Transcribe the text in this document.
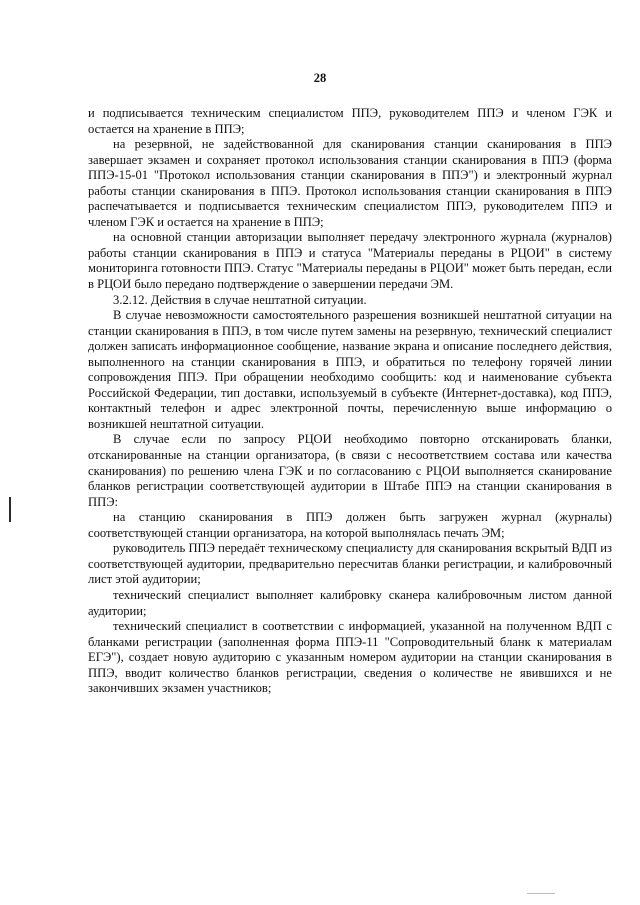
28

и подписывается техническим специалистом ППЭ, руководителем ППЭ и членом ГЭК и остается на хранение в ППЭ;

на резервной, не задействованной для сканирования станции сканирования в ППЭ завершает экзамен и сохраняет протокол использования станции сканирования в ППЭ (форма ППЭ-15-01 "Протокол использования станции сканирования в ППЭ") и электронный журнал работы станции сканирования в ППЭ. Протокол использования станции сканирования в ППЭ распечатывается и подписывается техническим специалистом ППЭ, руководителем ППЭ и членом ГЭК и остается на хранение в ППЭ;

на основной станции авторизации выполняет передачу электронного журнала (журналов) работы станции сканирования в ППЭ и статуса "Материалы переданы в РЦОИ" в систему мониторинга готовности ППЭ. Статус "Материалы переданы в РЦОИ" может быть передан, если в РЦОИ было передано подтверждение о завершении передачи ЭМ.

3.2.12. Действия в случае нештатной ситуации.

В случае невозможности самостоятельного разрешения возникшей нештатной ситуации на станции сканирования в ППЭ, в том числе путем замены на резервную, технический специалист должен записать информационное сообщение, название экрана и описание последнего действия, выполненного на станции сканирования в ППЭ, и обратиться по телефону горячей линии сопровождения ППЭ. При обращении необходимо сообщить: код и наименование субъекта Российской Федерации, тип доставки, используемый в субъекте (Интернет-доставка), код ППЭ, контактный телефон и адрес электронной почты, перечисленную выше информацию о возникшей нештатной ситуации.

В случае если по запросу РЦОИ необходимо повторно отсканировать бланки, отсканированные на станции организатора, (в связи с несоответствием состава или качества сканирования) по решению члена ГЭК и по согласованию с РЦОИ выполняется сканирование бланков регистрации соответствующей аудитории в Штабе ППЭ на станции сканирования в ППЭ:

на станцию сканирования в ППЭ должен быть загружен журнал (журналы) соответствующей станции организатора, на которой выполнялась печать ЭМ;

руководитель ППЭ передаёт техническому специалисту для сканирования вскрытый ВДП из соответствующей аудитории, предварительно пересчитав бланки регистрации, и калибровочный лист этой аудитории;

технический специалист выполняет калибровку сканера калибровочным листом данной аудитории;

технический специалист в соответствии с информацией, указанной на полученном ВДП с бланками регистрации (заполненная форма ППЭ-11 "Сопроводительный бланк к материалам ЕГЭ"), создает новую аудиторию с указанным номером аудитории на станции сканирования в ППЭ, вводит количество бланков регистрации, сведения о количестве не явившихся и не закончивших экзамен участников;
